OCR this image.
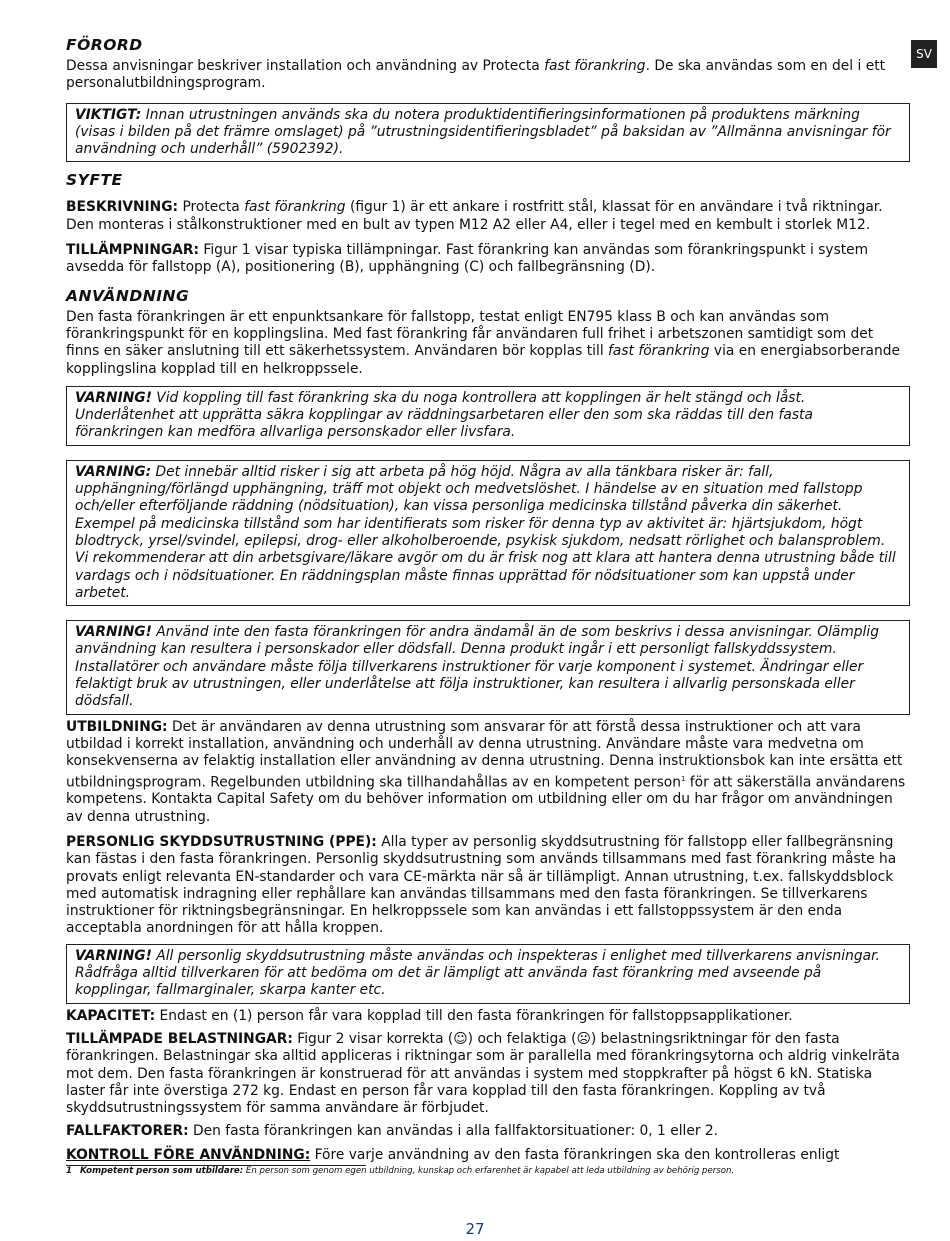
SV
FÖRORD

Dessa anvisningar beskriver installation och användning av Protecta fast förankring. De ska användas som en del i ett personalutbildningsprogram.

VIKTIGT: Innan utrustningen används ska du notera produktidentifieringsinformationen på produktens märkning (visas i bilden på det främre omslaget) på ”utrustningsidentifieringsbladet” på baksidan av ”Allmänna anvisningar för användning och underhåll” (5902392).
SYFTE

BESKRIVNING: Protecta fast förankring (figur 1) är ett ankare i rostfritt stål, klassat för en användare i två riktningar. Den monteras i stålkonstruktioner med en bult av typen M12 A2 eller A4, eller i tegel med en kembult i storlek M12.

TILLÄMPNINGAR: Figur 1 visar typiska tillämpningar. Fast förankring kan användas som förankringspunkt i system avsedda för fallstopp (A), positionering (B), upphängning (C) och fallbegränsning (D).

ANVÄNDNING

Den fasta förankringen är ett enpunktsankare för fallstopp, testat enligt EN795 klass B och kan användas som förankringspunkt för en kopplingslina. Med fast förankring får användaren full frihet i arbetszonen samtidigt som det finns en säker anslutning till ett säkerhetssystem. Användaren bör kopplas till fast förankring via en energiabsorberande kopplingslina kopplad till en helkroppssele.

VARNING! Vid koppling till fast förankring ska du noga kontrollera att kopplingen är helt stängd och låst. Underlåtenhet att upprätta säkra kopplingar av räddningsarbetaren eller den som ska räddas till den fasta förankringen kan medföra allvarliga personskador eller livsfara.
VARNING: Det innebär alltid risker i sig att arbeta på hög höjd. Några av alla tänkbara risker är: fall, upphängning/förlängd upphängning, träff mot objekt och medvetslöshet. I händelse av en situation med fallstopp och/eller efterföljande räddning (nödsituation), kan vissa personliga medicinska tillstånd påverka din säkerhet. Exempel på medicinska tillstånd som har identifierats som risker för denna typ av aktivitet är: hjärtsjukdom, högt blodtryck, yrsel/svindel, epilepsi, drog- eller alkoholberoende, psykisk sjukdom, nedsatt rörlighet och balansproblem. Vi rekommenderar att din arbetsgivare/läkare avgör om du är frisk nog att klara att hantera denna utrustning både till vardags och i nödsituationer. En räddningsplan måste finnas upprättad för nödsituationer som kan uppstå under arbetet.
VARNING! Använd inte den fasta förankringen för andra ändamål än de som beskrivs i dessa anvisningar. Olämplig användning kan resultera i personskador eller dödsfall. Denna produkt ingår i ett personligt fallskyddssystem. Installatörer och användare måste följa tillverkarens instruktioner för varje komponent i systemet. Ändringar eller felaktigt bruk av utrustningen, eller underlåtelse att följa instruktioner, kan resultera i allvarlig personskada eller dödsfall.

UTBILDNING: Det är användaren av denna utrustning som ansvarar för att förstå dessa instruktioner och att vara utbildad i korrekt installation, användning och underhåll av denna utrustning. Användare måste vara medvetna om konsekvenserna av felaktig installation eller användning av denna utrustning. Denna instruktionsbok kan inte ersätta ett utbildningsprogram. Regelbunden utbildning ska tillhandahållas av en kompetent person$^1$ för att säkerställa användarens kompetens. Kontakta Capital Safety om du behöver information om utbildning eller om du har frågor om användningen av denna utrustning.

PERSONLIG SKYDDSUTRUSTNING (PPE): Alla typer av personlig skyddsutrustning för fallstopp eller fallbegränsning kan fästas i den fasta förankringen. Personlig skyddsutrustning som används tillsammans med fast förankring måste ha provats enligt relevanta EN-standarder och vara CE-märkta när så är tillämpligt. Annan utrustning, t.ex. fallskyddsblock med automatisk indragning eller rephållare kan användas tillsammans med den fasta förankringen. Se tillverkarens instruktioner för riktningsbegränsningar. En helkroppssele som kan användas i ett fallstoppssystem är den enda acceptabla anordningen för att hålla kroppen.

VARNING! All personlig skyddsutrustning måste användas och inspekteras i enlighet med tillverkarens anvisningar. Rådfråga alltid tillverkaren för att bedöma om det är lämpligt att använda fast förankring med avseende på kopplingar, fallmarginaler, skarpa kanter etc.

KAPACITET: Endast en (1) person får vara kopplad till den fasta förankringen för fallstoppsapplikationer.

TILLÄMPADE BELASTNINGAR: Figur 2 visar korrekta (☺) och felaktiga (☹) belastningsriktningar för den fasta förankringen. Belastningar ska alltid appliceras i riktningar som är parallella med förankringsytorna och aldrig vinkelräta mot dem. Den fasta förankringen är konstruerad för att användas i system med stoppkrafter på högst 6 kN. Statiska laster får inte överstiga 272 kg. Endast en person får vara kopplad till den fasta förankringen. Koppling av två skyddsutrustningssystem för samma användare är förbjudet.

FALLFAKTORER: Den fasta förankringen kan användas i alla fallfaktorsituationer: 0, 1 eller 2.

KONTROLL FÖRE ANVÄNDNING: Före varje användning av den fasta förankringen ska den kontrolleras enligt

1 Kompetent person som utbildare: En person som genom egen utbildning, kunskap och erfarenhet är kapabel att leda utbildning av behörig person.

27
